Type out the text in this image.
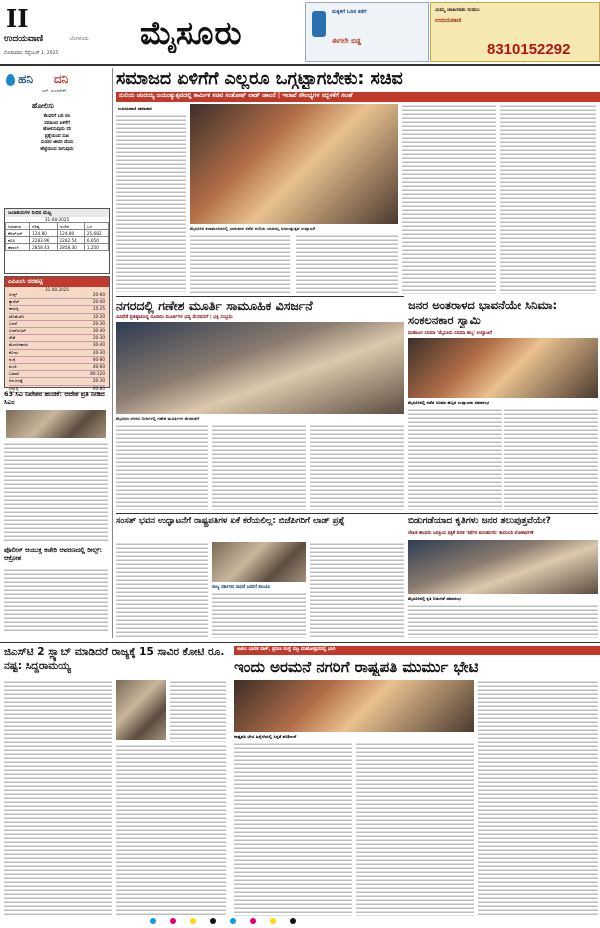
II
ಉದಯವಾಣಿ	ಬೆಂಗಳೂರು
ಸೋಮವಾರ, ಸೆಪ್ಟೆಂಬರ್ 1, 2025
ಮೈಸೂರು
ಮಕ್ಕಳಿಗೆ ಓದಿನ ಕಡೆಗೆ
ಈಗಲೇ ಬಿಡ್ಡ
ಮಿಮ್ಮ ಜಾಹೀರಾತು ನೀಡಲು
ಉದಯವಾಣಿ
8310152292
ಹನಿ ದನಿ
ಎನ್. ಸುಂದರೇಶ್
ಹೋಲಿಸು
ಕೆಲವರಿಗೆ ಬದಿ ನಲ
ಸಮಾಜದ ಏಳಿಗೆಗೆ
ಹೋಲಿಸುವುದು ಸರಿ
ಪ್ರಶ್ನೆಯಿಂದ ಸುಖ
ಸುಂದರ ಜೀವನ ವೆಂದು
ಹೆಜ್ಜೆಯಿಂದ ಸಾಗುವುದು
ಜಲಾಶಯಗಳ ನೀರಿನ ಮಟ್ಟ
31-08-2025
ಜಲಾಶಯ	ಗರಿಷ್ಠ	ಇಂದಿನ	ಒಳ
ಕೆಆರ್‌ಎಸ್	124.80	124.80	25,682
ಕಬಿನಿ	2283.96	2282.54	6,650
ಹಾರಂಗಿ	2858.43	2858.30	1,250
ಎಪಿಎಂಸಿ ದರಪಟ್ಟಿ
31.08.2025
ಬೀನ್ಸ್	20-60
ಕ್ಯಾರೆಟ್	20-40
ಈರುಳ್ಳಿ	15-25
ಟೊಮೆಟೊ	10-20
ಬದನೆ	20-30
ಬೀಟ್‌ರೂಟ್	30-40
ಸೌತೆ	20-30
ಮೆಣಸಿನಕಾಯಿ	30-40
ಕೋಸು	20-30
ನುಗ್ಗೆ	60-80
ಶುಂಠಿ	40-60
ಬಟಾಣಿ	80-120
ಆಲೂಗಡ್ಡೆ	20-30
ಬೆಳ್ಳುಳ್ಳಿ	60-80
63 ಸಿಎ ನಿವೇಶನ ಹಂಚಿಕೆ: ಆದೇಶ ಪ್ರತಿ ನೀಡಿದ ಸಿಎಂ
ಪೊಲೀಸ್ ಆಯುಕ್ತ ಕಚೇರಿ ಆವರಣದಲ್ಲಿ ರೀಲ್ಸ್: ಆಕ್ರೋಶ
ಸಮಾಜದ ಏಳಿಗೆಗೆ ಎಲ್ಲರೂ ಒಗ್ಗಟ್ಟಾಗಬೇಕು: ಸಚಿವ
ನುಲಿಯ ಚಂದಯ್ಯ ಜಯಂತ್ಯುತ್ಸವದಲ್ಲಿ ಕಾರ್ಮಿಕ ಸಚಿವ ಸಂತೋಷ್ ಲಾಡ್ ಚಾಲನೆ | ಇಲಾಖೆ ಸೌಲಭ್ಯಗಳ ಸದ್ಬಳಕೆಗೆ ಸಲಹೆ
ಉದಯವಾಣಿ ಸಮಾಚಾರ
ಮೈಸೂರಿನ ಕಲಾಮಂದಿರದಲ್ಲಿ ಭಾನುವಾರ ನಡೆದ ನುಲಿಯ ಚಂದಯ್ಯ ಜಯಂತ್ಯುತ್ಸವ ಉದ್ಘಾಟನೆ
ನಗರದಲ್ಲಿ ಗಣೇಶ ಮೂರ್ತಿ ಸಾಮೂಹಿಕ ವಿಸರ್ಜನೆ
ವಿವಿಧೆಡೆ ಪ್ರತಿಷ್ಠಾಪಿಸಿದ್ದ ನೂರಾರು ಮೂರ್ತಿಗಳ ಭವ್ಯ ಮೆರವಣಿಗೆ | ಭಕ್ತಿ ಸಂಭ್ರಮ
ಮೈಸೂರು ನಗರದ ಬೀದಿಗಳಲ್ಲಿ ಗಣೇಶ ಮೂರ್ತಿಗಳ ಮೆರವಣಿಗೆ
ಜನರ ಅಂತರಾಳದ ಭಾವನೆಯೇ ಸಿನಿಮಾ: ಸಂಕಲನಕಾರ ಸ್ವಾಮಿ
ಮಹಾಜನ ಸಿನಿಮಾ 'ಮೈಸೂರು ಸಿನಿಮಾ ಹಬ್ಬ' ಉದ್ಘಾಟನೆ
ಮೈಸೂರಿನಲ್ಲಿ ನಡೆದ ಸಿನಿಮಾ ಹಬ್ಬದ ಉದ್ಘಾಟನಾ ಸಮಾರಂಭ
ಸಂಸತ್ ಭವನ ಉದ್ಘಾಟನೆಗೆ ರಾಷ್ಟ್ರಪತಿಗಳ ಏಕೆ ಕರೆಯಲಿಲ್ಲ: ಬಿಜೆಪಿಗರಿಗೆ ಲಾಡ್ ಪ್ರಶ್ನೆ
ರಾಜ್ಯ ಸರ್ಕಾರದ ಸಾಧನೆ ಜನರಿಗೆ ತಲುಪಿಸಿ
ಬಿಡುಗಡೆಯಾದ ಕೃತಿಗಳು ಜನರ ತಲುಪುತ್ತವೆಯೇ?
ಲೇಖಕ ಹಲವರು ಜನಪ್ರಿಯ ಪತ್ರಿಕೆ ಕುರಿತ 'ಕಥೆಗಳ ಕುರುಹುಗಳು' ಕಾದಂಬರಿ ಲೋಕಾರ್ಪಣೆ
ಮೈಸೂರಿನಲ್ಲಿ ಕೃತಿ ಬಿಡುಗಡೆ ಸಮಾರಂಭ
ಜಿಎಸ್‌ಟಿ 2 ಸ್ಲ್ಯಾಬ್ ಮಾಡಿದರೆ ರಾಜ್ಯಕ್ಕೆ 15 ಸಾವಿರ ಕೋಟಿ ರೂ. ನಷ್ಟ: ಸಿದ್ದರಾಮಯ್ಯ
ಅಖಿಲ ಭಾರತ ವಾಕ್, ಶ್ರವಣ ಸಂಸ್ಥೆ ವಜ್ರ ಮಹೋತ್ಸವದಲ್ಲಿ ಭಾಗಿ
ಇಂದು ಅರಮನೆ ನಗರಿಗೆ ರಾಷ್ಟ್ರಪತಿ ಮುರ್ಮು ಭೇಟಿ
ರಾಷ್ಟ್ರಪತಿ ಭೇಟಿ ಹಿನ್ನೆಲೆಯಲ್ಲಿ ಸಿದ್ಧತೆ ಪರಿಶೀಲನೆ
